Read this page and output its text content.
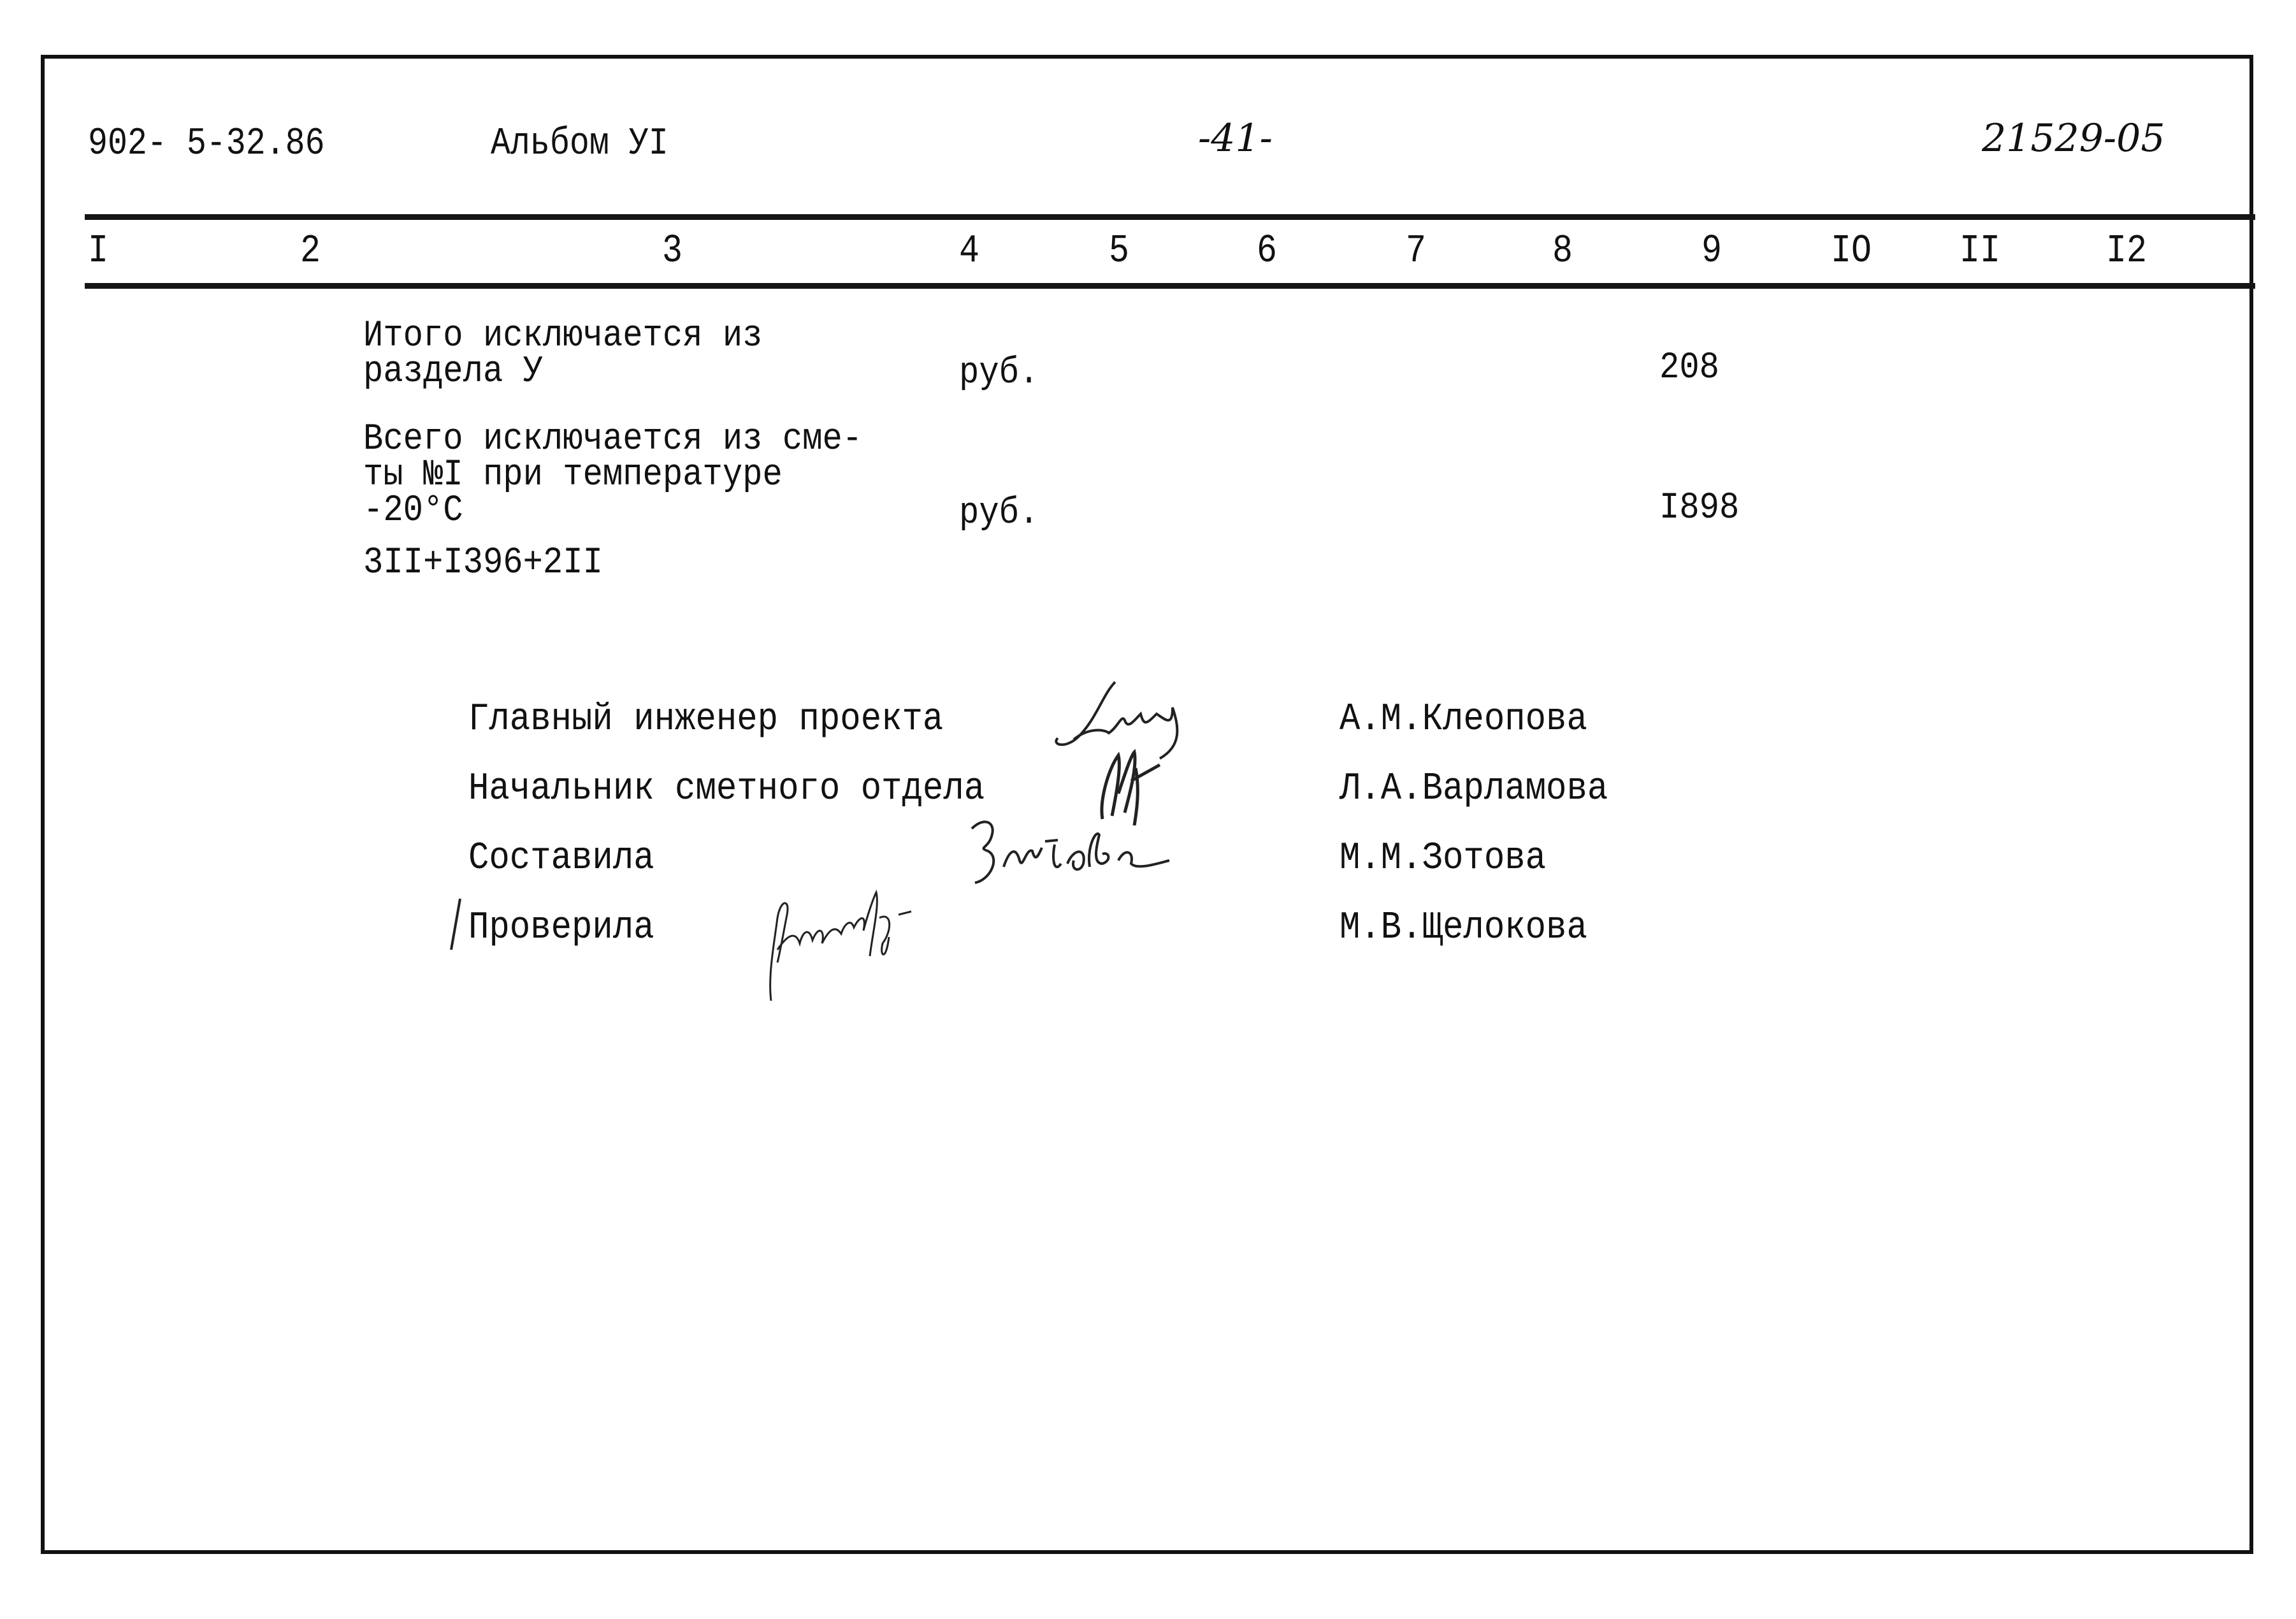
902- 5-32.86	Альбом УI	-41-	21529-05
I	2	3	4	5	6	7	8	9	IO II	I2
Итого исключается из
раздела У	руб.	208
Всего исключается из сме-
ты №I при температуре
-20°С	руб.	I898
3II+I396+2II
Главный инженер проекта	А.М.Клеопова
Начальник сметного отдела	Л.А.Варламова
Составила	М.М.Зотова
Проверила	М.В.Щелокова
